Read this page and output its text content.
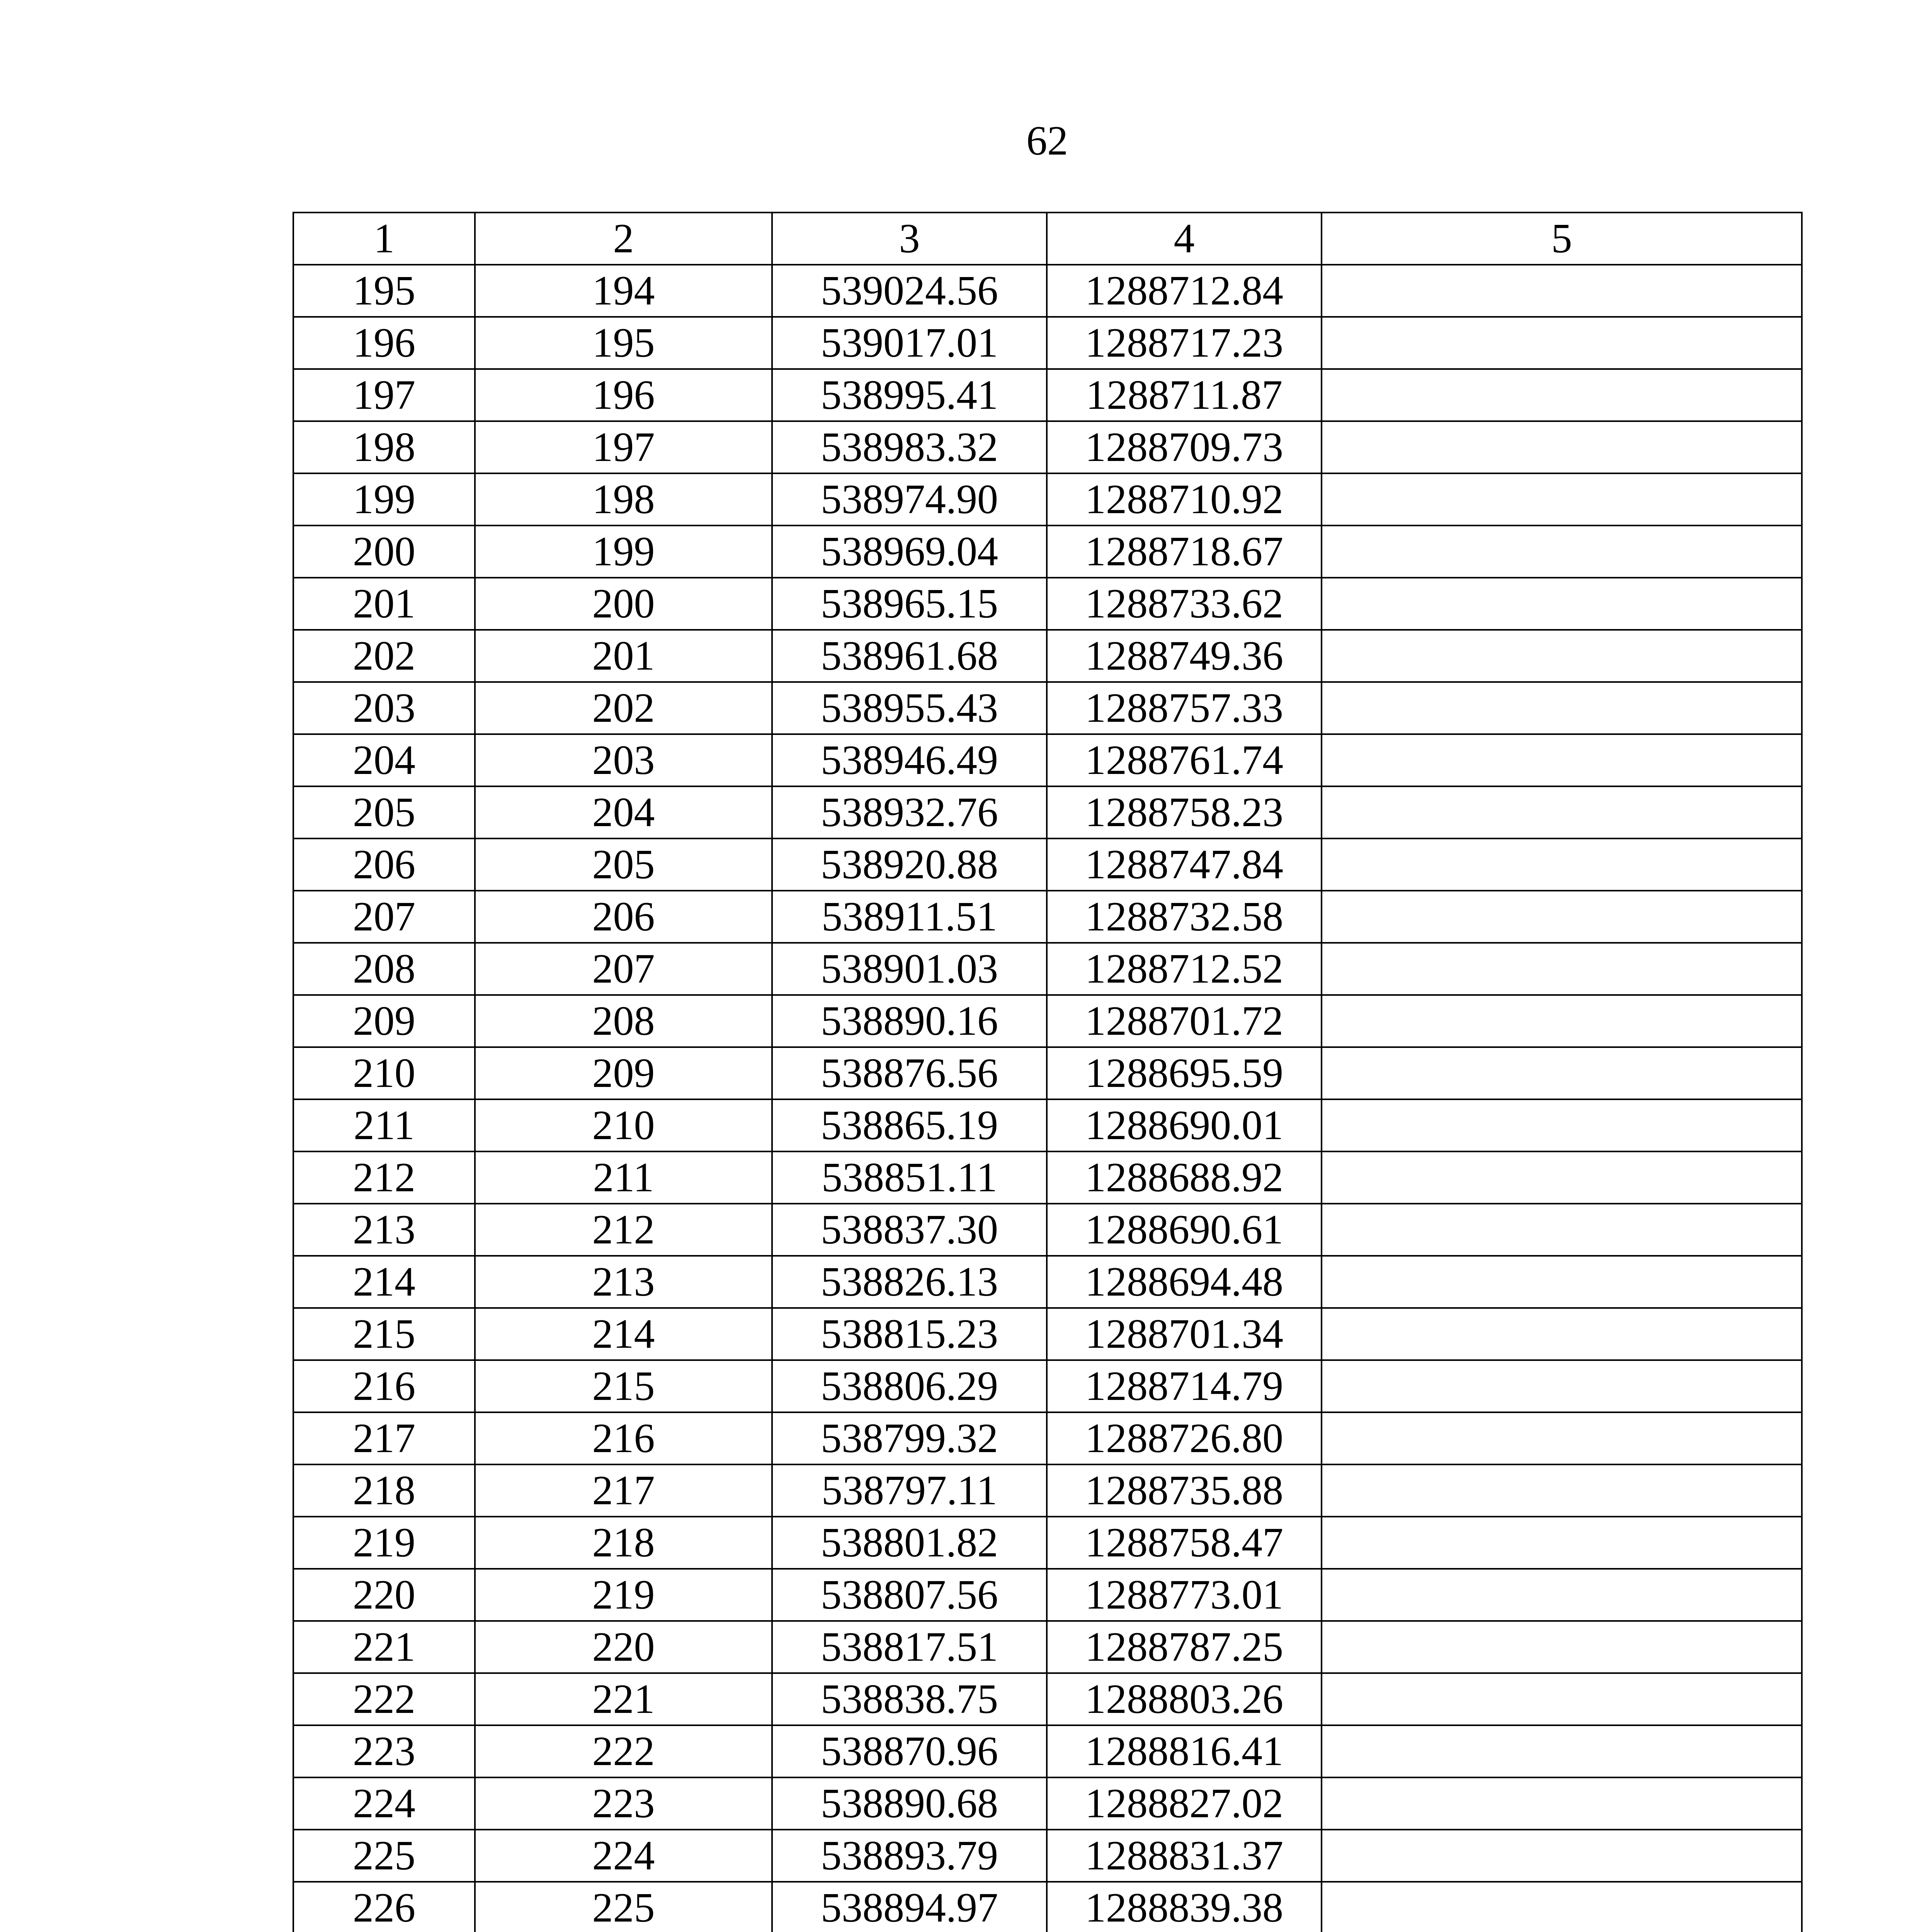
62
1	2	3	4	5
195	194	539024.56	1288712.84	
196	195	539017.01	1288717.23	
197	196	538995.41	1288711.87	
198	197	538983.32	1288709.73	
199	198	538974.90	1288710.92	
200	199	538969.04	1288718.67	
201	200	538965.15	1288733.62	
202	201	538961.68	1288749.36	
203	202	538955.43	1288757.33	
204	203	538946.49	1288761.74	
205	204	538932.76	1288758.23	
206	205	538920.88	1288747.84	
207	206	538911.51	1288732.58	
208	207	538901.03	1288712.52	
209	208	538890.16	1288701.72	
210	209	538876.56	1288695.59	
211	210	538865.19	1288690.01	
212	211	538851.11	1288688.92	
213	212	538837.30	1288690.61	
214	213	538826.13	1288694.48	
215	214	538815.23	1288701.34	
216	215	538806.29	1288714.79	
217	216	538799.32	1288726.80	
218	217	538797.11	1288735.88	
219	218	538801.82	1288758.47	
220	219	538807.56	1288773.01	
221	220	538817.51	1288787.25	
222	221	538838.75	1288803.26	
223	222	538870.96	1288816.41	
224	223	538890.68	1288827.02	
225	224	538893.79	1288831.37	
226	225	538894.97	1288839.38	
